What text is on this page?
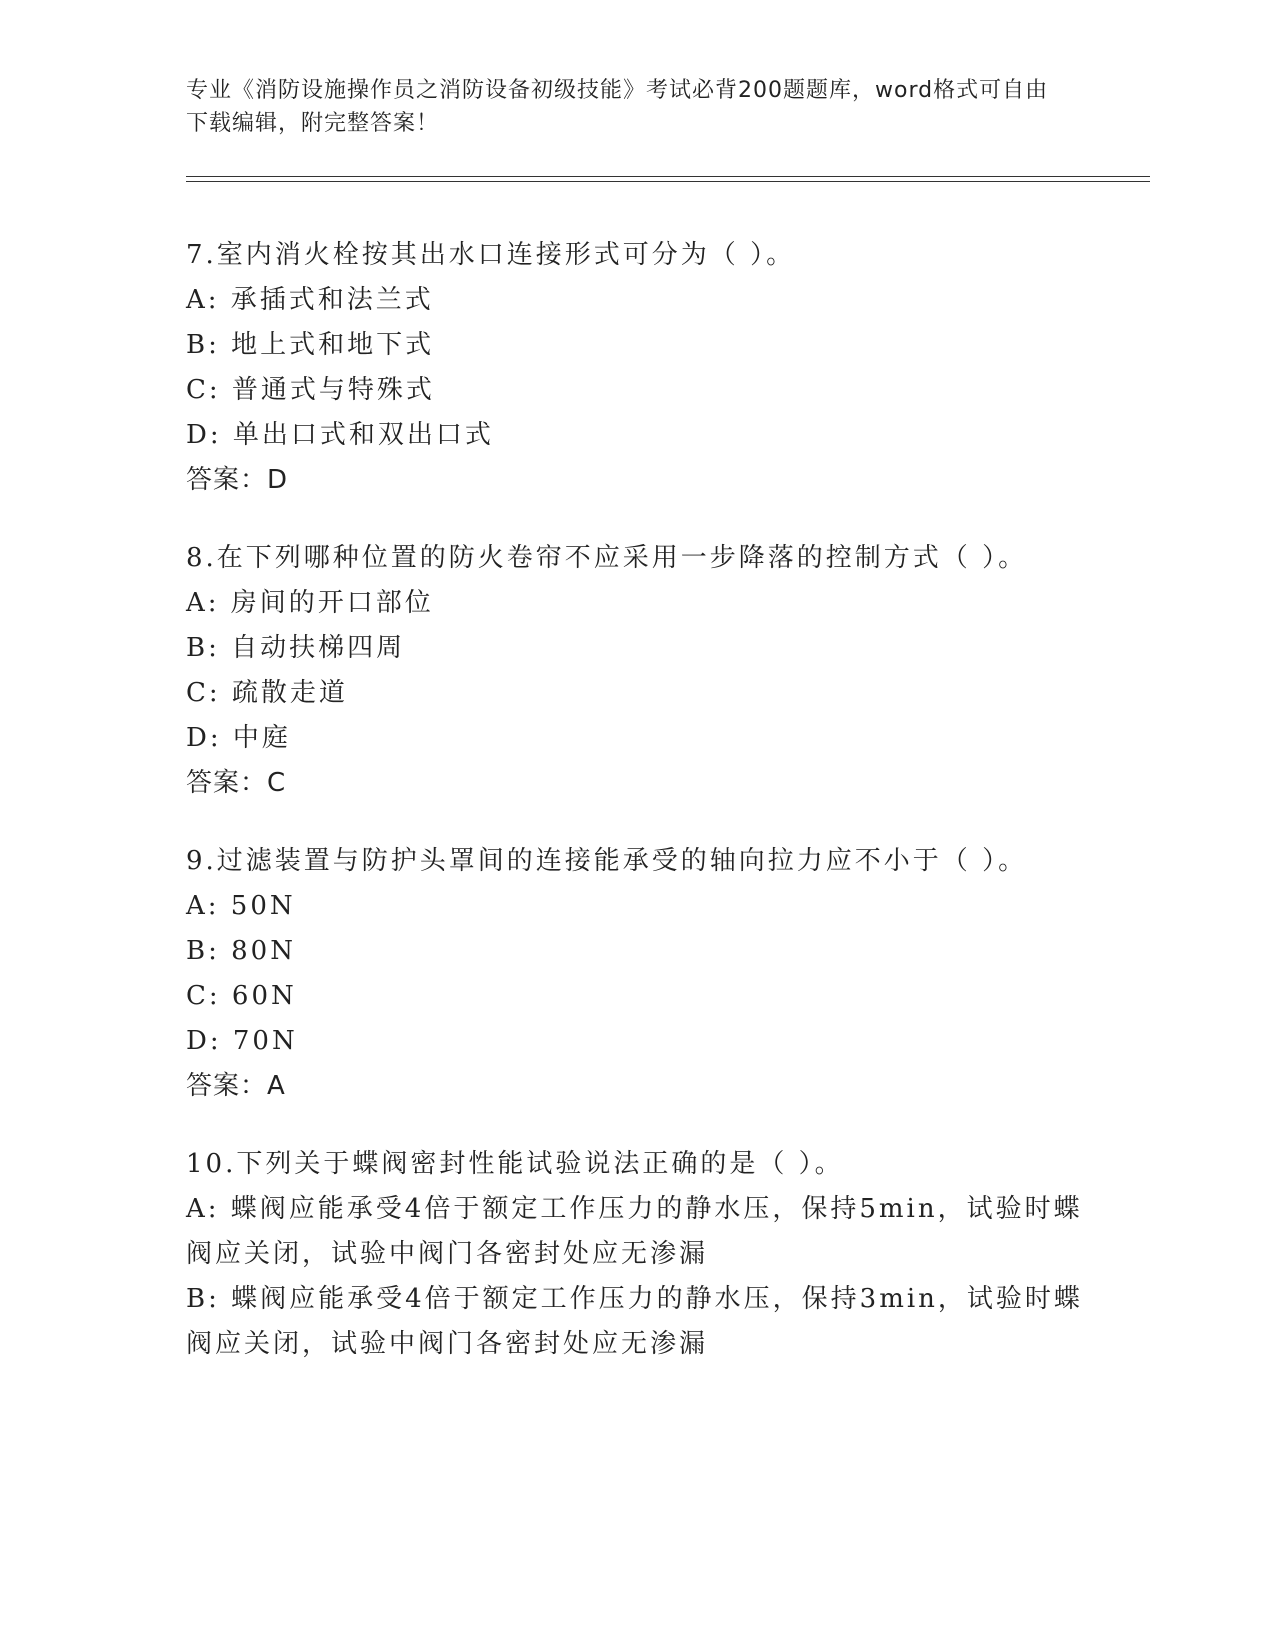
专业《消防设施操作员之消防设备初级技能》考试必背200题题库，word格式可自由下载编辑，附完整答案！
7.室内消火栓按其出水口连接形式可分为（ ）。
A: 承插式和法兰式
B: 地上式和地下式
C: 普通式与特殊式
D: 单出口式和双出口式
答案：D
8.在下列哪种位置的防火卷帘不应采用一步降落的控制方式（ ）。
A: 房间的开口部位
B: 自动扶梯四周
C: 疏散走道
D: 中庭
答案：C
9.过滤装置与防护头罩间的连接能承受的轴向拉力应不小于（ ）。
A: 50N
B: 80N
C: 60N
D: 70N
答案：A
10.下列关于蝶阀密封性能试验说法正确的是（ ）。
A: 蝶阀应能承受4倍于额定工作压力的静水压，保持5min，试验时蝶阀应关闭，试验中阀门各密封处应无渗漏
B: 蝶阀应能承受4倍于额定工作压力的静水压，保持3min，试验时蝶阀应关闭，试验中阀门各密封处应无渗漏
